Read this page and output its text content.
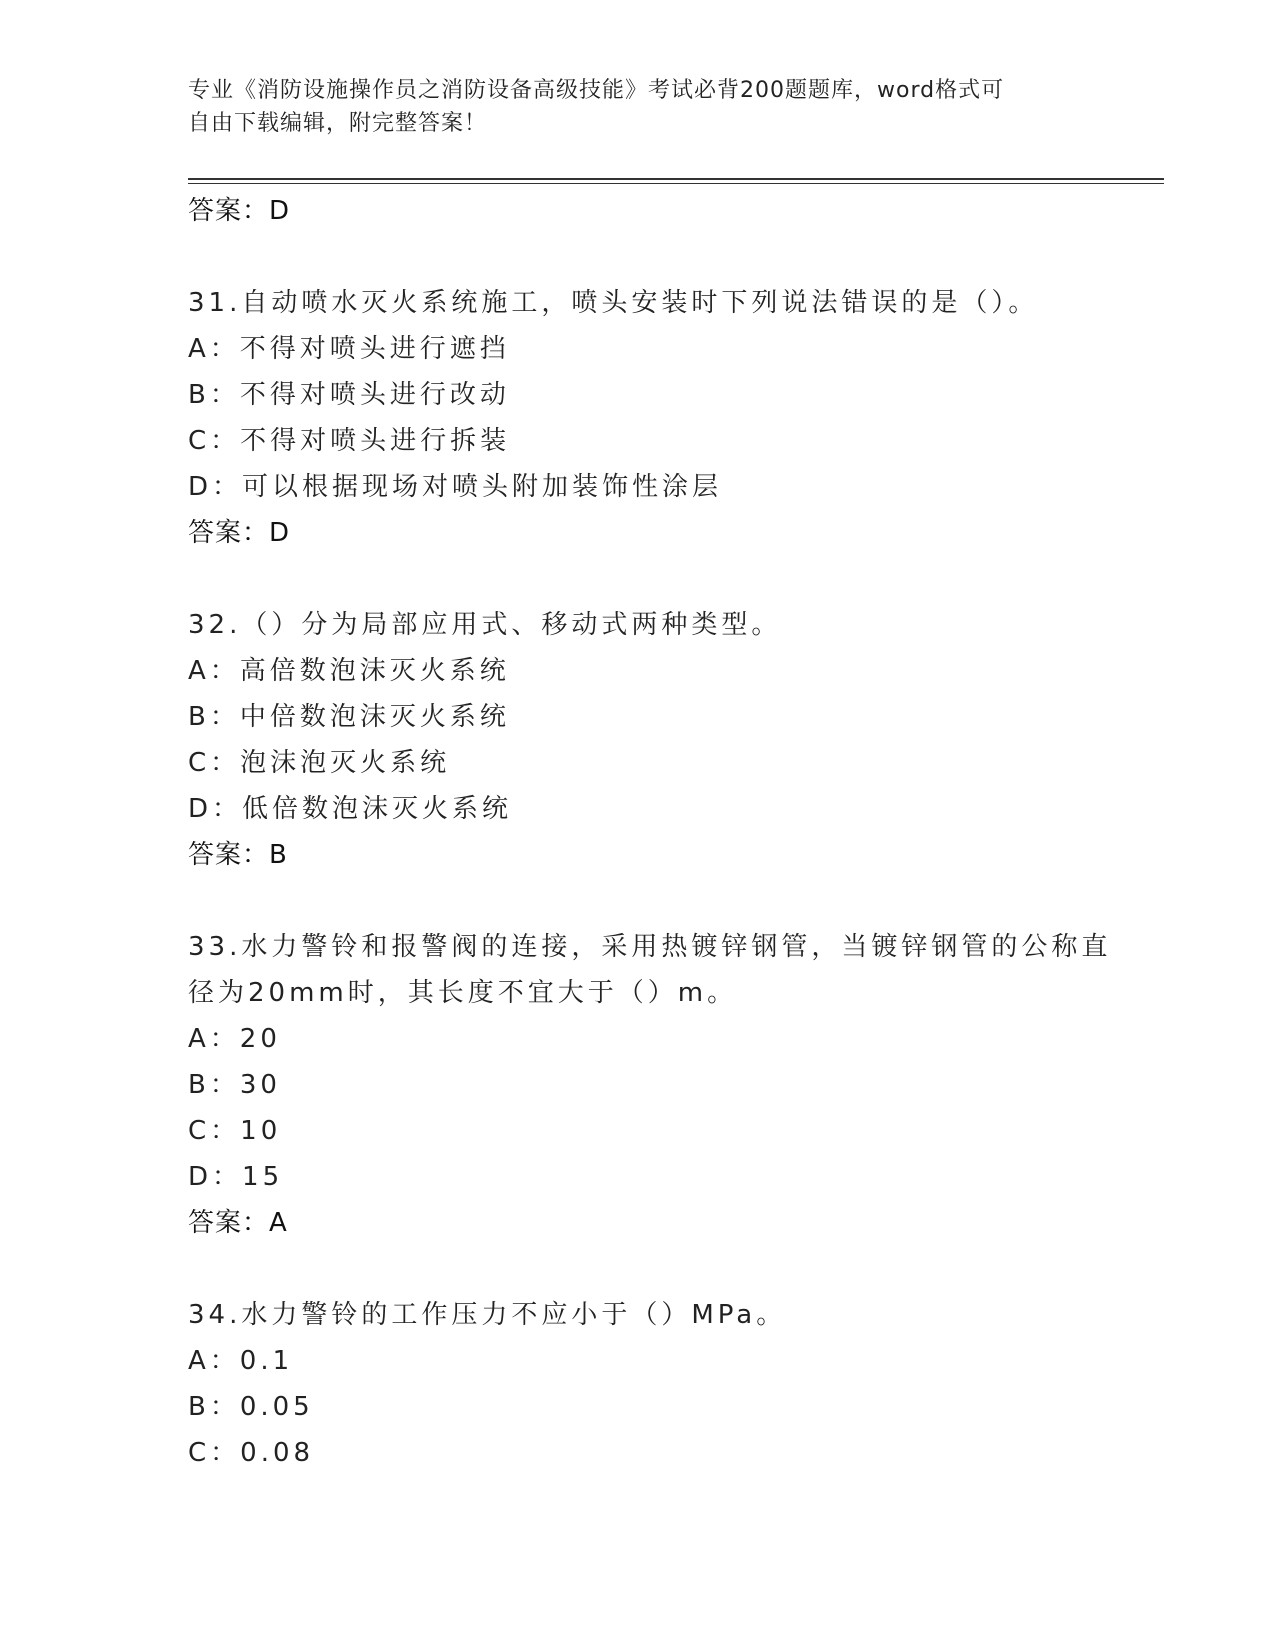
专业《消防设施操作员之消防设备高级技能》考试必背200题题库，word格式可
自由下载编辑，附完整答案！
答案：D
31.自动喷水灭火系统施工，喷头安装时下列说法错误的是（）。
A：不得对喷头进行遮挡
B：不得对喷头进行改动
C：不得对喷头进行拆装
D：可以根据现场对喷头附加装饰性涂层
答案：D
32.（）分为局部应用式、移动式两种类型。
A：高倍数泡沫灭火系统
B：中倍数泡沫灭火系统
C：泡沫泡灭火系统
D：低倍数泡沫灭火系统
答案：B
33.水力警铃和报警阀的连接，采用热镀锌钢管，当镀锌钢管的公称直
径为20mm时，其长度不宜大于（）m。
A：20
B：30
C：10
D：15
答案：A
34.水力警铃的工作压力不应小于（）MPa。
A：0.1
B：0.05
C：0.08
